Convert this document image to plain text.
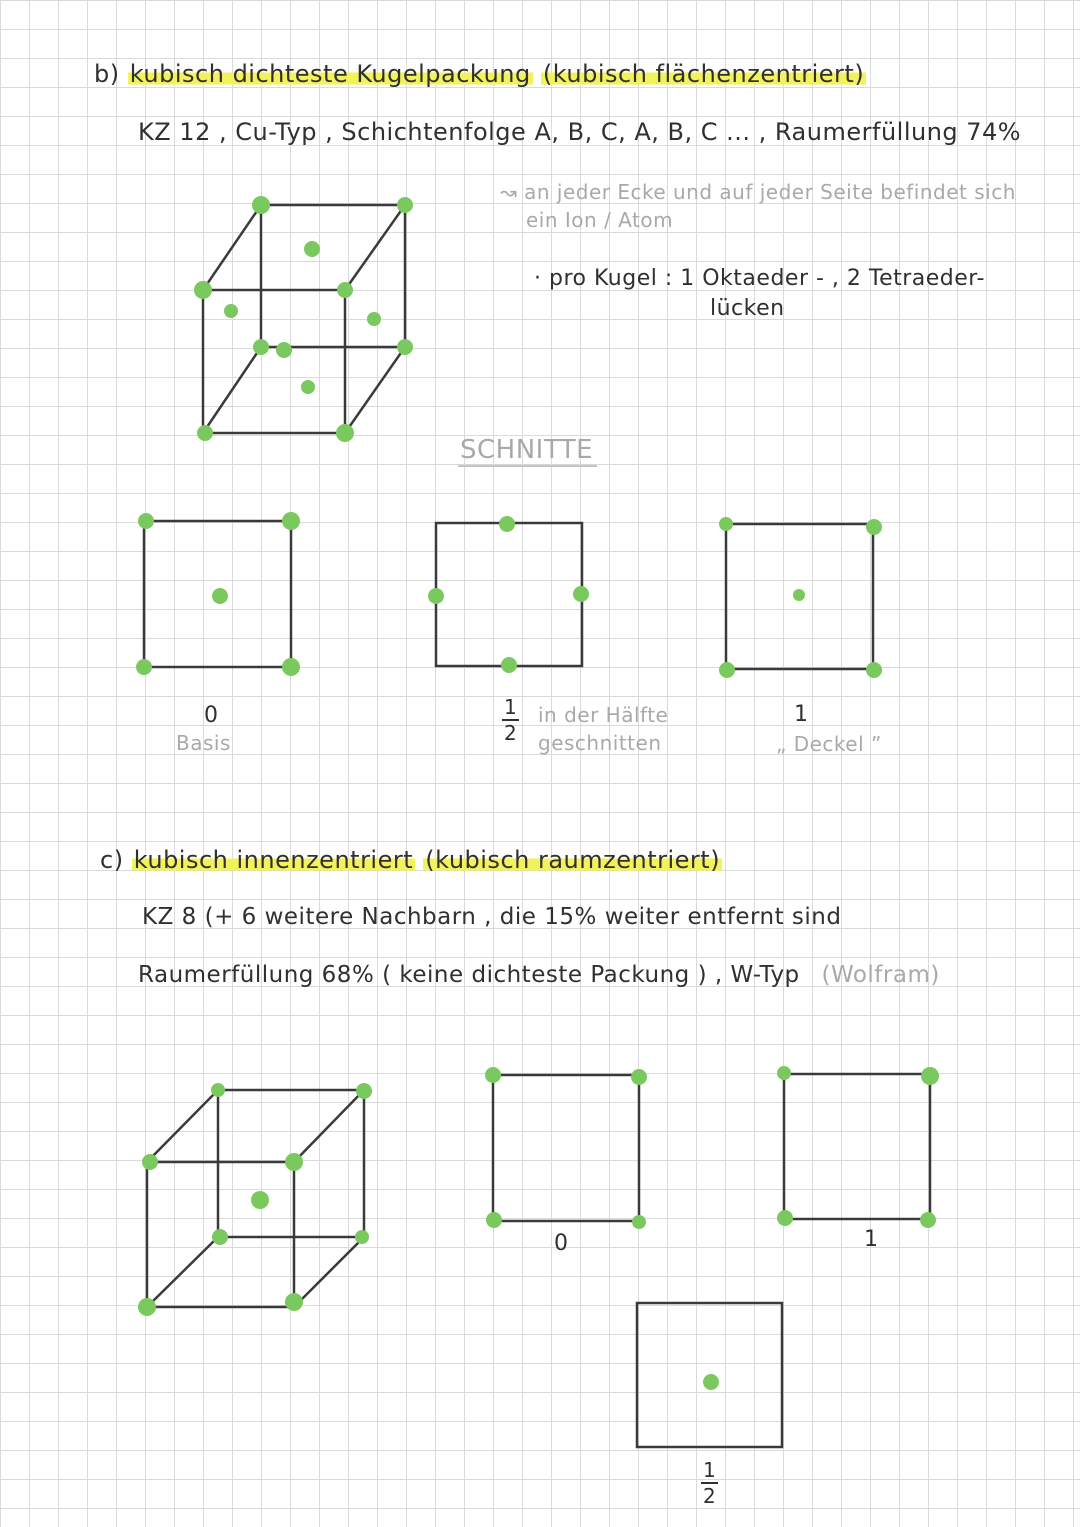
b) kubisch dichteste Kugelpackung (kubisch flächenzentriert)
KZ 12 , Cu-Typ , Schichtenfolge A, B, C, A, B, C ... , Raumerfüllung 74%
↝ an jeder Ecke und auf jeder Seite befindet sich
ein Ion / Atom
· pro Kugel : 1 Oktaeder - , 2 Tetraeder-
lücken
SCHNITTE
0
Basis	$\frac{1}{2}$ in der Hälfte
geschnitten
1
„ Deckel ”
c) kubisch innenzentriert (kubisch raumzentriert)
KZ 8 (+ 6 weitere Nachbarn , die 15% weiter entfernt sind
Raumerfüllung 68% ( keine dichteste Packung ) , W-Typ (Wolfram)
0	1
$\frac{1}{2}$
